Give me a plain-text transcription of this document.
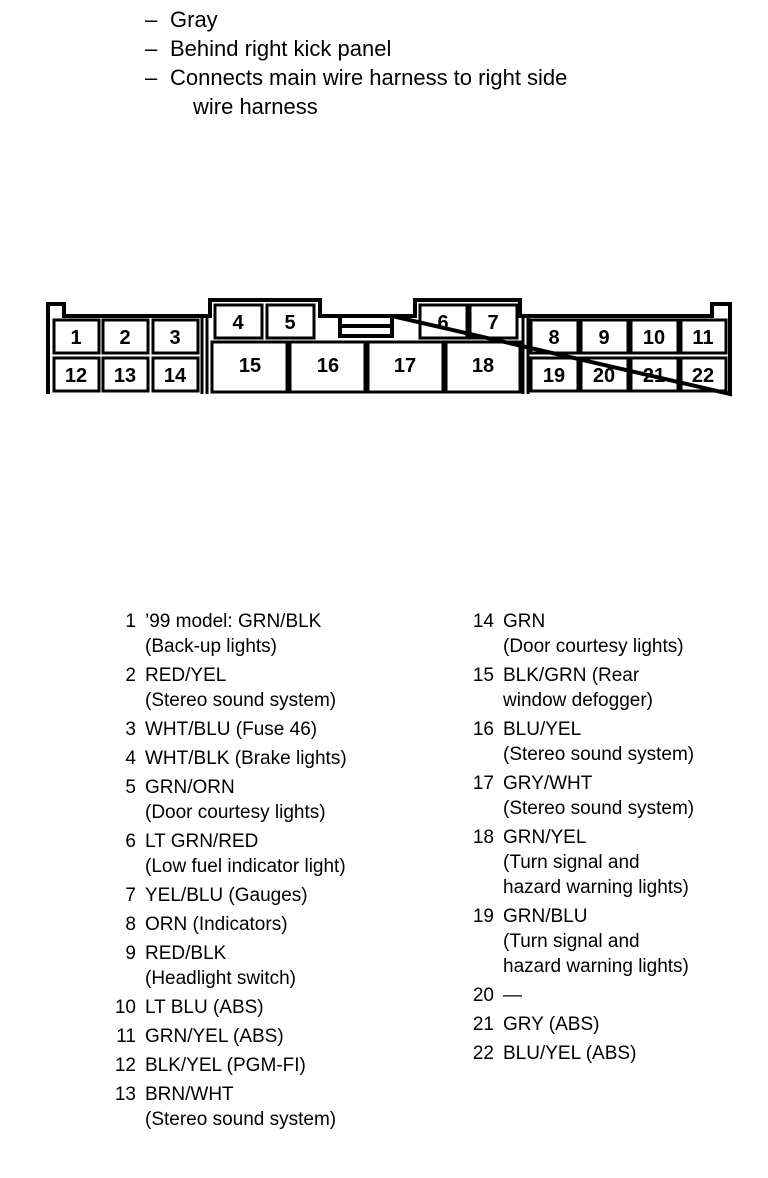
– Gray
– Behind right kick panel
– Connects main wire harness to right side
wire harness
1 2 3
4 5	6 7
8 9 10 11
12 13 14	15	16	17	18 19 20 21 22
1 ’99 model: GRN/BLK
(Back-up lights)
2 RED/YEL
(Stereo sound system)
3 WHT/BLU (Fuse 46)
4 WHT/BLK (Brake lights)
5 GRN/ORN
(Door courtesy lights)
6 LT GRN/RED
(Low fuel indicator light)
7 YEL/BLU (Gauges)
8 ORN (Indicators)
9 RED/BLK
(Headlight switch)
10 LT BLU (ABS)
11 GRN/YEL (ABS)
12 BLK/YEL (PGM-FI)
13 BRN/WHT
(Stereo sound system)
14 GRN
(Door courtesy lights)
15 BLK/GRN (Rear
window defogger)
16 BLU/YEL
(Stereo sound system)
17 GRY/WHT
(Stereo sound system)
18 GRN/YEL
(Turn signal and
hazard warning lights)
19 GRN/BLU
(Turn signal and
hazard warning lights)
20 —
21 GRY (ABS)
22 BLU/YEL (ABS)
